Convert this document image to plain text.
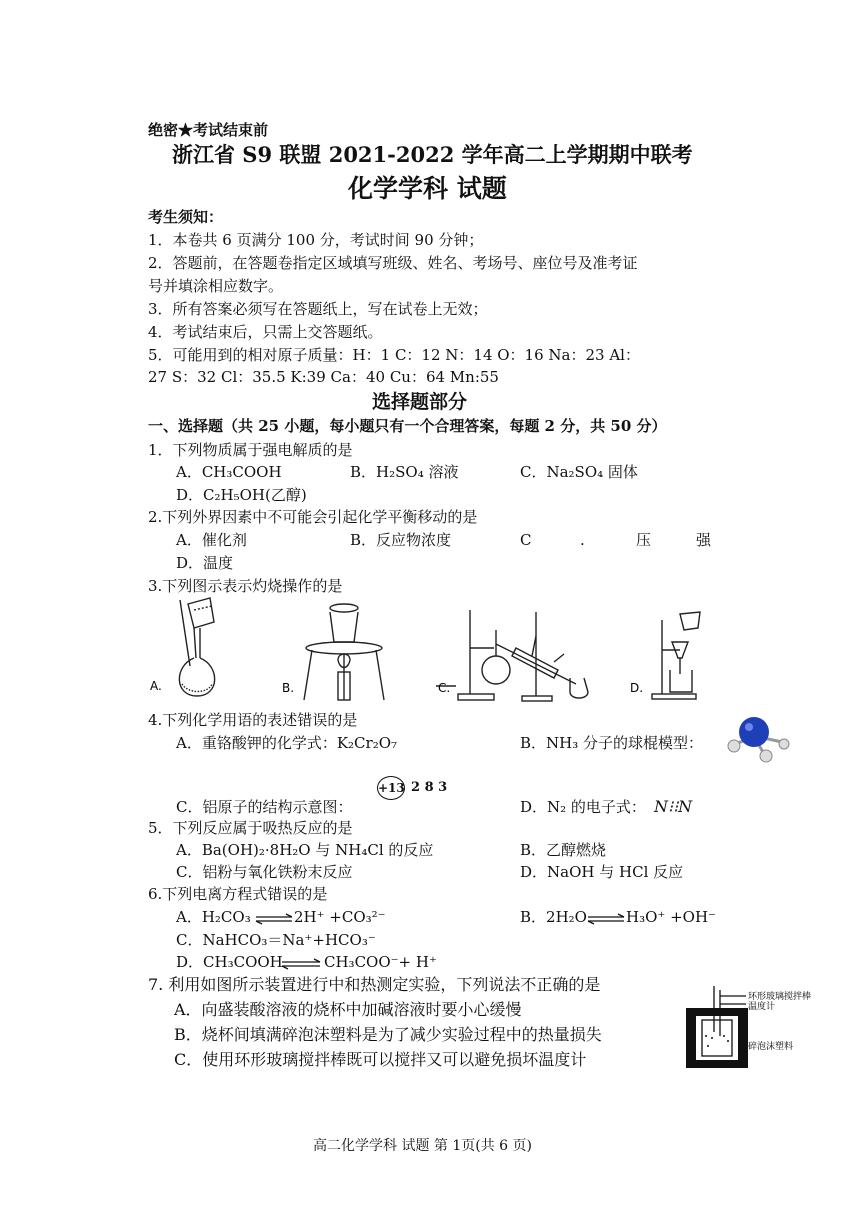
绝密★考试结束前
浙江省 S9 联盟 2021-2022 学年高二上学期期中联考
化学学科 试题
考生须知：
1．本卷共 6 页满分 100 分，考试时间 90 分钟；
2．答题前，在答题卷指定区域填写班级、姓名、考场号、座位号及准考证
号并填涂相应数字。
3．所有答案必须写在答题纸上，写在试卷上无效；
4．考试结束后，只需上交答题纸。
5．可能用到的相对原子质量：H：1 C：12 N：14 O：16 Na：23 Al：
27 S：32 Cl：35.5 K:39 Ca：40 Cu：64 Mn:55
选择题部分
一、选择题（共 25 小题，每小题只有一个合理答案，每题 2 分，共 50 分）
1．下列物质属于强电解质的是
A．CH₃COOH	B．H₂SO₄ 溶液	C．Na₂SO₄ 固体
D．C₂H₅OH(乙醇)
2.下列外界因素中不可能会引起化学平衡移动的是
A．催化剂	B．反应物浓度	C	.	压	强
D．温度
3.下列图示表示灼烧操作的是
A.	B.	C.	D.
4.下列化学用语的表述错误的是
A．重铬酸钾的化学式：K₂Cr₂O₇	B．NH₃ 分子的球棍模型：
+13 2 8 3
C．铝原子的结构示意图：	D．N₂ 的电子式： N⁝⁝N
5．下列反应属于吸热反应的是
A．Ba(OH)₂·8H₂O 与 NH₄Cl 的反应	B．乙醇燃烧
C．铝粉与氧化铁粉末反应	D．NaOH 与 HCl 反应
6.下列电离方程式错误的是
A．H₂CO₃ ⇌ 2H⁺ +CO₃²⁻	B．2H₂O ⇌ H₃O⁺ +OH⁻
C．NaHCO₃＝Na⁺+HCO₃⁻
D．CH₃COOH ⇌ CH₃COO⁻+ H⁺
7. 利用如图所示装置进行中和热测定实验，下列说法不正确的是
A．向盛装酸溶液的烧杯中加碱溶液时要小心缓慢
B．烧杯间填满碎泡沫塑料是为了减少实验过程中的热量损失
C．使用环形玻璃搅拌棒既可以搅拌又可以避免损坏温度计
环形玻璃搅拌棒
温度计
碎泡沫塑料
高二化学学科 试题 第 1页(共 6 页)
